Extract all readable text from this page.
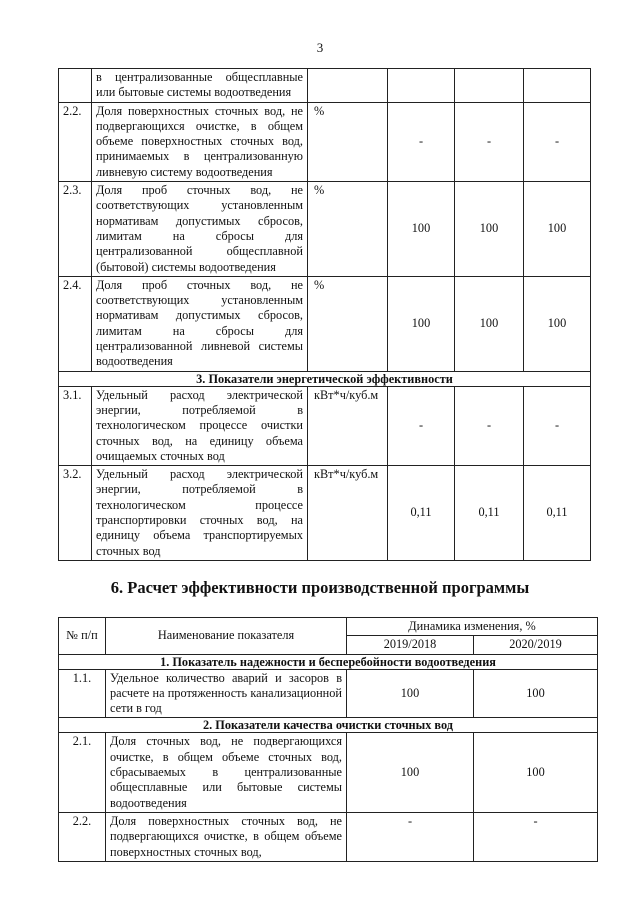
3
	в централизованные общесплавные или бытовые системы водоотведения				
2.2.	Доля поверхностных сточных вод, не подвергающихся очистке, в общем объеме поверхностных сточных вод, принимаемых в централизованную ливневую систему водоотведения	%	-	-	-
2.3.	Доля проб сточных вод, не соответствующих установленным нормативам допустимых сбросов, лимитам на сбросы для централизованной общесплавной (бытовой) системы водоотведения	%	100	100	100
2.4.	Доля проб сточных вод, не соответствующих установленным нормативам допустимых сбросов, лимитам на сбросы для централизованной ливневой системы водоотведения	%	100	100	100
3. Показатели энергетической эффективности					
3.1.	Удельный расход электрической энергии, потребляемой в технологическом процессе очистки сточных вод, на единицу объема очищаемых сточных вод	кВт*ч/куб.м	-	-	-
3.2.	Удельный расход электрической энергии, потребляемой в технологическом процессе транспортировки сточных вод, на единицу объема транспортируемых сточных вод	кВт*ч/куб.м	0,11	0,11	0,11
6. Расчет эффективности производственной программы
№ п/п	Наименование показателя	Динамика изменения, %	
		2019/2018	2020/2019
1. Показатель надежности и бесперебойности водоотведения			
1.1.	Удельное количество аварий и засоров в расчете на протяженность канализационной сети в год	100	100
2. Показатели качества очистки сточных вод			
2.1.	Доля сточных вод, не подвергающихся очистке, в общем объеме сточных вод, сбрасываемых в централизованные общесплавные или бытовые системы водоотведения	100	100
2.2.	Доля поверхностных сточных вод, не подвергающихся очистке, в общем объеме поверхностных сточных вод,	-	-
